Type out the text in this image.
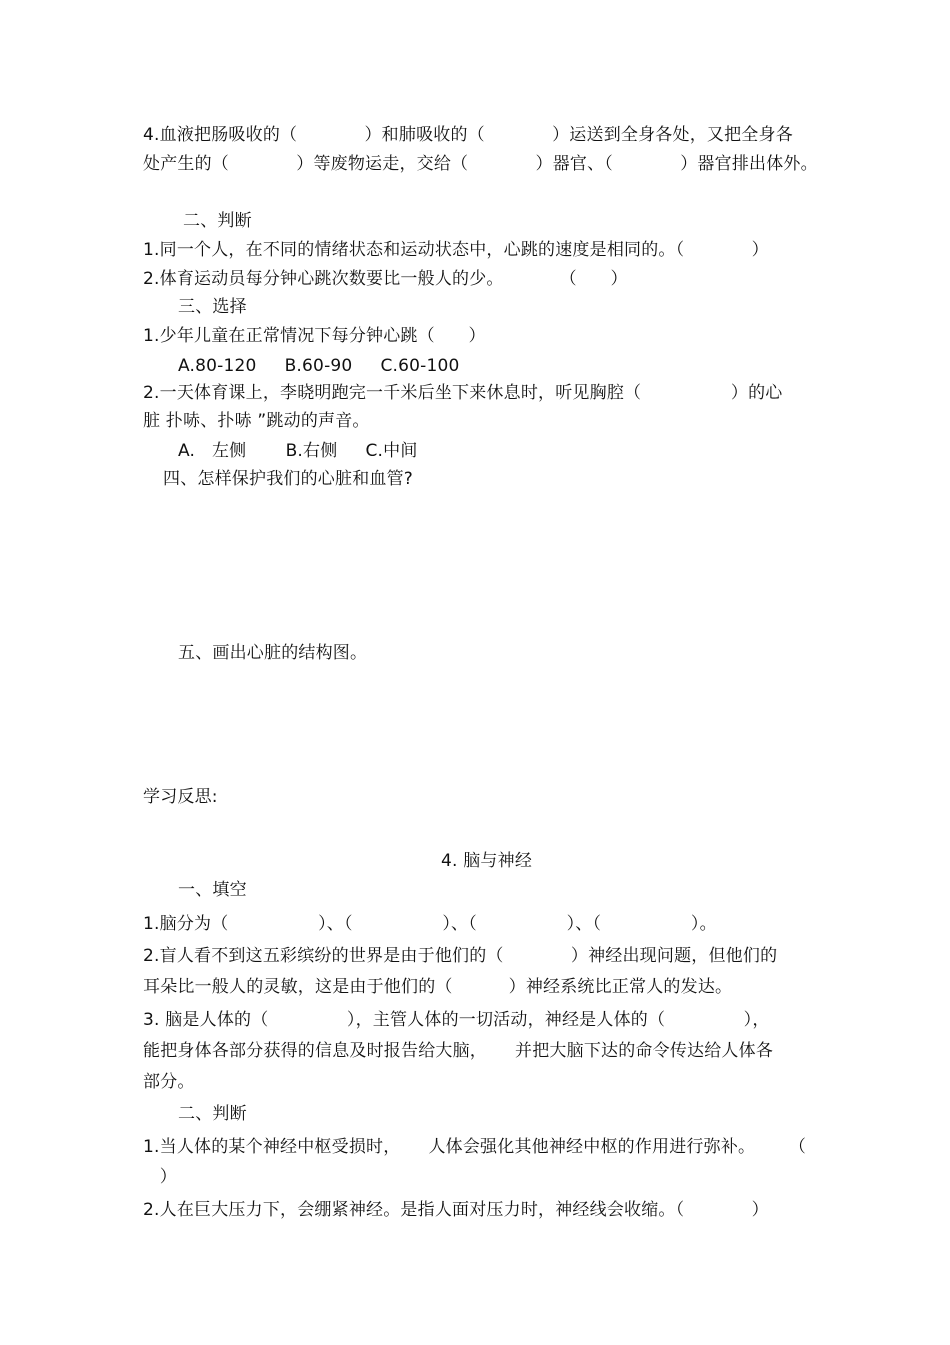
4.血液把肠吸收的（            ）和肺吸收的（            ）运送到全身各处，又把全身各
处产生的（            ）等废物运走，交给（            ）器官、（            ）器官排出体外。
二、判断
1.同一个人，在不同的情绪状态和运动状态中，心跳的速度是相同的。（            ）
2.体育运动员每分钟心跳次数要比一般人的少。          （      ）
三、选择
1.少年儿童在正常情况下每分钟心跳（      ）
A.80-120     B.60-90     C.60-100
2.一天体育课上，李晓明跑完一千米后坐下来休息时，听见胸腔（                ）的心
脏 扑哧、扑哧 ”跳动的声音。
A.   左侧       B.右侧     C.中间
四、怎样保护我们的心脏和血管?
五、画出心脏的结构图。
学习反思:
4. 脑与神经
一、填空
1.脑分为（                ）、（                ）、（                ）、（                ）。
2.盲人看不到这五彩缤纷的世界是由于他们的（            ）神经出现问题，但他们的
耳朵比一般人的灵敏，这是由于他们的（          ）神经系统比正常人的发达。
3. 脑是人体的（              ），主管人体的一切活动，神经是人体的（              ），
能把身体各部分获得的信息及时报告给大脑，     并把大脑下达的命令传达给人体各
部分。
二、判断
1.当人体的某个神经中枢受损时，     人体会强化其他神经中枢的作用进行弥补。      （
）
2.人在巨大压力下，会绷紧神经。是指人面对压力时，神经线会收缩。（            ）
